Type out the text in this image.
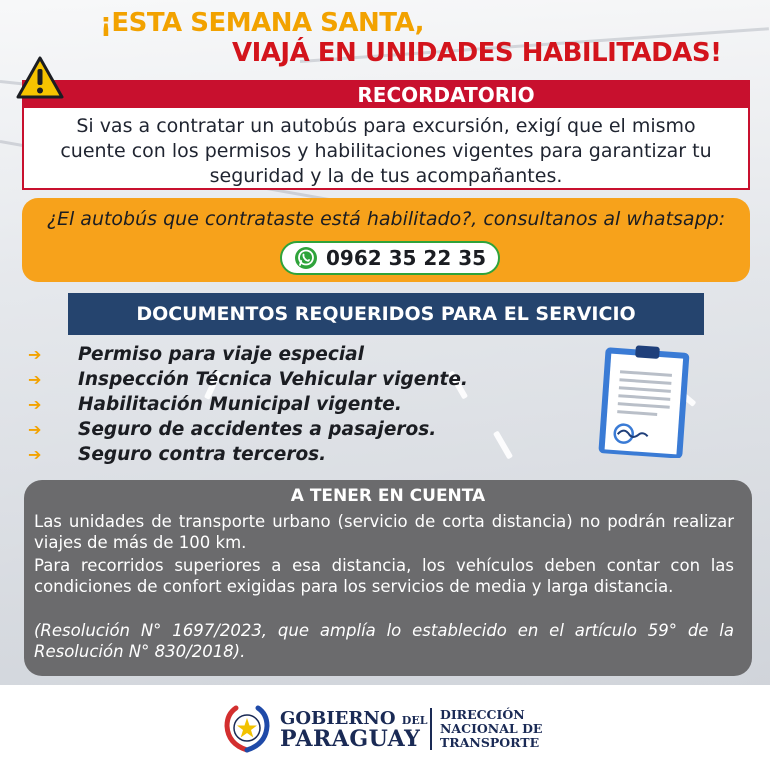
¡ESTA SEMANA SANTA,
VIAJÁ EN UNIDADES HABILITADAS!
RECORDATORIO
Si vas a contratar un autobús para excursión, exigí que el mismo cuente con los permisos y habilitaciones vigentes para garantizar tu seguridad y la de tus acompañantes.
¿El autobús que contrataste está habilitado?, consultanos al whatsapp:
0962 35 22 35
DOCUMENTOS REQUERIDOS PARA EL SERVICIO
➔	Permiso para viaje especial
➔	Inspección Técnica Vehicular vigente.
➔	Habilitación Municipal vigente.
➔	Seguro de accidentes a pasajeros.
➔	Seguro contra terceros.
A TENER EN CUENTA
Las unidades de transporte urbano (servicio de corta distancia) no podrán realizar viajes de más de 100 km.
Para recorridos superiores a esa distancia, los vehículos deben contar con las condiciones de confort exigidas para los servicios de media y larga distancia.
(Resolución N° 1697/2023, que amplía lo establecido en el artículo 59° de la Resolución N° 830/2018).
GOBIERNO DEL
PARAGUAY
DIRECCIÓN
NACIONAL DE
TRANSPORTE
